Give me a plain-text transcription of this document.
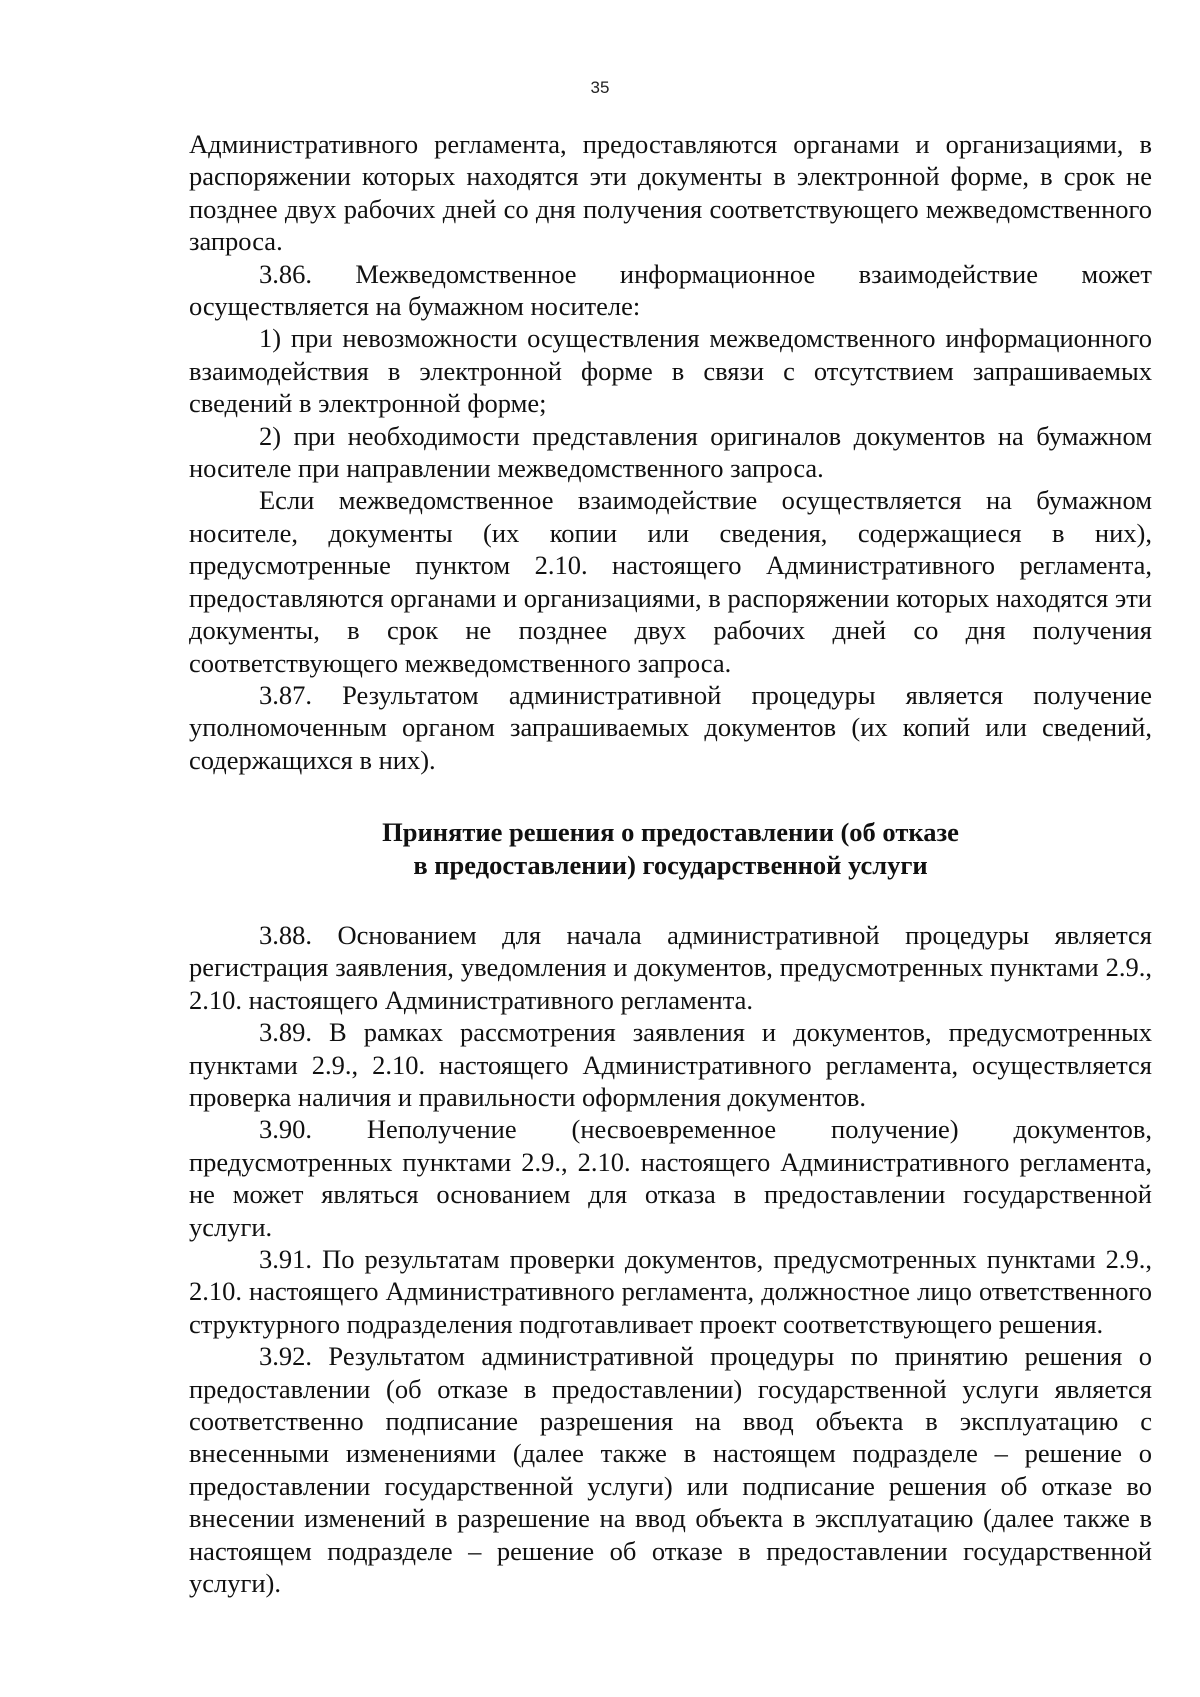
35

Административного регламента, предоставляются органами и организациями, в распоряжении которых находятся эти документы в электронной форме, в срок не позднее двух рабочих дней со дня получения соответствующего межведомственного запроса.

3.86. Межведомственное информационное взаимодействие может осуществляется на бумажном носителе:

1) при невозможности осуществления межведомственного информационного взаимодействия в электронной форме в связи с отсутствием запрашиваемых сведений в электронной форме;

2) при необходимости представления оригиналов документов на бумажном носителе при направлении межведомственного запроса.

Если межведомственное взаимодействие осуществляется на бумажном носителе, документы (их копии или сведения, содержащиеся в них), предусмотренные пунктом 2.10. настоящего Административного регламента, предоставляются органами и организациями, в распоряжении которых находятся эти документы, в срок не позднее двух рабочих дней со дня получения соответствующего межведомственного запроса.

3.87. Результатом административной процедуры является получение уполномоченным органом запрашиваемых документов (их копий или сведений, содержащихся в них).

Принятие решения о предоставлении (об отказе
в предоставлении) государственной услуги

3.88. Основанием для начала административной процедуры является регистрация заявления, уведомления и документов, предусмотренных пунктами 2.9., 2.10. настоящего Административного регламента.

3.89. В рамках рассмотрения заявления и документов, предусмотренных пунктами 2.9., 2.10. настоящего Административного регламента, осуществляется проверка наличия и правильности оформления документов.

3.90. Неполучение (несвоевременное получение) документов, предусмотренных пунктами 2.9., 2.10. настоящего Административного регламента, не может являться основанием для отказа в предоставлении государственной услуги.

3.91. По результатам проверки документов, предусмотренных пунктами 2.9., 2.10. настоящего Административного регламента, должностное лицо ответственного структурного подразделения подготавливает проект соответствующего решения.

3.92. Результатом административной процедуры по принятию решения о предоставлении (об отказе в предоставлении) государственной услуги является соответственно подписание разрешения на ввод объекта в эксплуатацию с внесенными изменениями (далее также в настоящем подразделе – решение о предоставлении государственной услуги) или подписание решения об отказе во внесении изменений в разрешение на ввод объекта в эксплуатацию (далее также в настоящем подразделе – решение об отказе в предоставлении государственной услуги).
